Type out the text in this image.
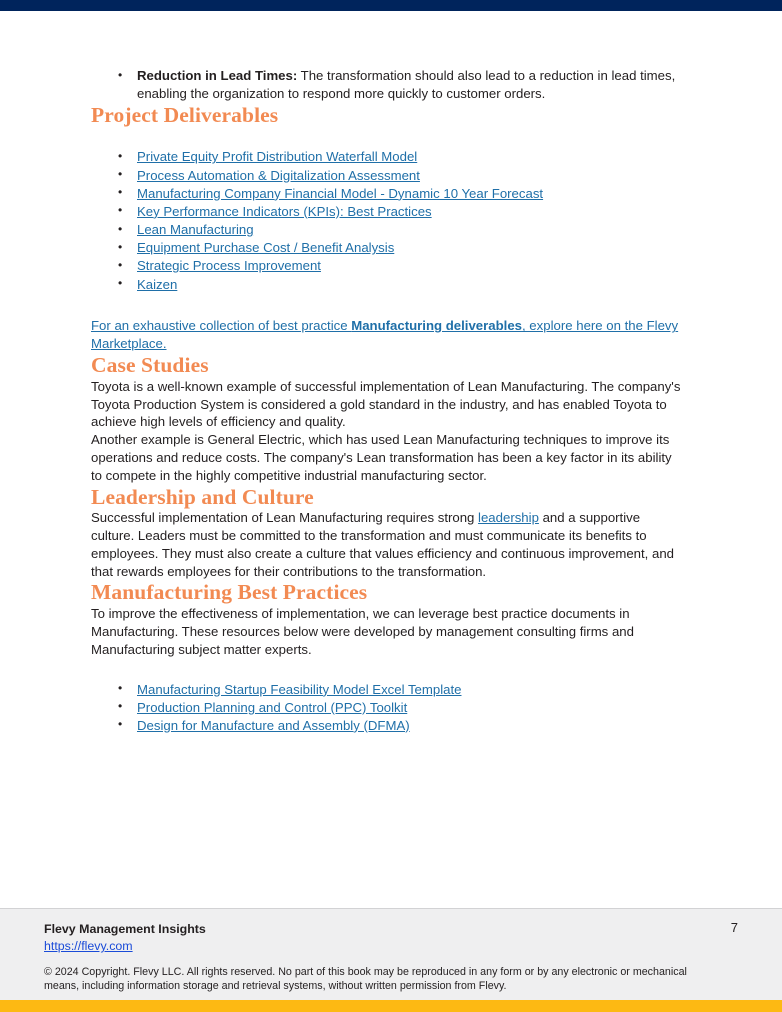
• Reduction in Lead Times: The transformation should also lead to a reduction in lead times, enabling the organization to respond more quickly to customer orders.
Project Deliverables
• Private Equity Profit Distribution Waterfall Model
• Process Automation & Digitalization Assessment
• Manufacturing Company Financial Model - Dynamic 10 Year Forecast
• Key Performance Indicators (KPIs): Best Practices
• Lean Manufacturing
• Equipment Purchase Cost / Benefit Analysis
• Strategic Process Improvement
• Kaizen
For an exhaustive collection of best practice Manufacturing deliverables, explore here on the Flevy Marketplace.
Case Studies

Toyota is a well-known example of successful implementation of Lean Manufacturing. The company's Toyota Production System is considered a gold standard in the industry, and has enabled Toyota to achieve high levels of efficiency and quality.

Another example is General Electric, which has used Lean Manufacturing techniques to improve its operations and reduce costs. The company's Lean transformation has been a key factor in its ability to compete in the highly competitive industrial manufacturing sector.

Leadership and Culture

Successful implementation of Lean Manufacturing requires strong leadership and a supportive culture. Leaders must be committed to the transformation and must communicate its benefits to employees. They must also create a culture that values efficiency and continuous improvement, and that rewards employees for their contributions to the transformation.

Manufacturing Best Practices

To improve the effectiveness of implementation, we can leverage best practice documents in Manufacturing. These resources below were developed by management consulting firms and Manufacturing subject matter experts.

• Manufacturing Startup Feasibility Model Excel Template
• Production Planning and Control (PPC) Toolkit
• Design for Manufacture and Assembly (DFMA)
Flevy Management Insights
https://flevy.com
7
© 2024 Copyright. Flevy LLC. All rights reserved. No part of this book may be reproduced in any form or by any electronic or mechanical means, including information storage and retrieval systems, without written permission from Flevy.
